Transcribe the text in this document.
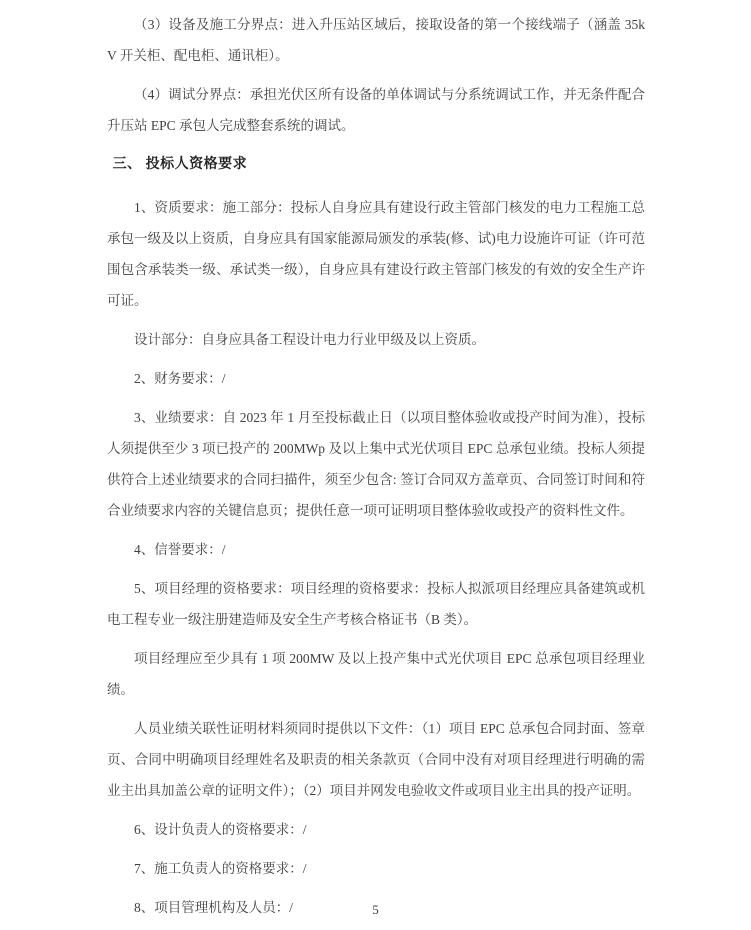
（3）设备及施工分界点：进入升压站区域后，接取设备的第一个接线端子（涵盖 35kV 开关柜、配电柜、通讯柜）。

（4）调试分界点：承担光伏区所有设备的单体调试与分系统调试工作，并无条件配合升压站 EPC 承包人完成整套系统的调试。

三、 投标人资格要求

1、资质要求：施工部分：投标人自身应具有建设行政主管部门核发的电力工程施工总承包一级及以上资质，自身应具有国家能源局颁发的承装(修、试)电力设施许可证（许可范围包含承装类一级、承试类一级），自身应具有建设行政主管部门核发的有效的安全生产许可证。

设计部分：自身应具备工程设计电力行业甲级及以上资质。

2、财务要求：/

3、业绩要求：自 2023 年 1 月至投标截止日（以项目整体验收或投产时间为准），投标人须提供至少 3 项已投产的 200MWp 及以上集中式光伏项目 EPC 总承包业绩。投标人须提供符合上述业绩要求的合同扫描件，须至少包含: 签订合同双方盖章页、合同签订时间和符合业绩要求内容的关键信息页；提供任意一项可证明项目整体验收或投产的资料性文件。

4、信誉要求：/

5、项目经理的资格要求：项目经理的资格要求：投标人拟派项目经理应具备建筑或机电工程专业一级注册建造师及安全生产考核合格证书（B 类）。

项目经理应至少具有 1 项 200MW 及以上投产集中式光伏项目 EPC 总承包项目经理业绩。

人员业绩关联性证明材料须同时提供以下文件：（1）项目 EPC 总承包合同封面、签章页、合同中明确项目经理姓名及职责的相关条款页（合同中没有对项目经理进行明确的需业主出具加盖公章的证明文件）；（2）项目并网发电验收文件或项目业主出具的投产证明。

6、设计负责人的资格要求：/

7、施工负责人的资格要求：/

8、项目管理机构及人员：/	5
